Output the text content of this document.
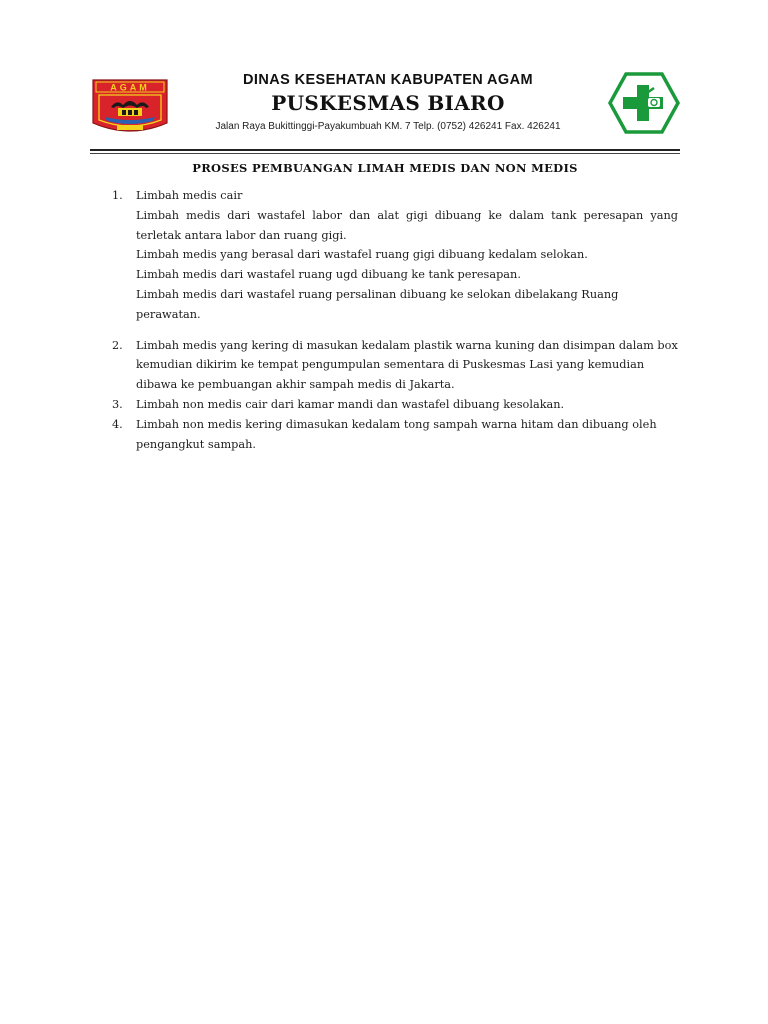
AGAM	DINAS KESEHATAN KABUPATEN AGAM
PUSKESMAS BIARO
Jalan Raya Bukittinggi-Payakumbuah KM. 7 Telp. (0752) 426241 Fax. 426241
PROSES PEMBUANGAN LIMAH MEDIS DAN NON MEDIS
1. Limbah medis cair
Limbah medis dari wastafel labor dan alat gigi dibuang ke dalam tank peresapan yang terletak antara labor dan ruang gigi.
Limbah medis yang berasal dari wastafel ruang gigi dibuang kedalam selokan.
Limbah medis dari wastafel ruang ugd dibuang ke tank peresapan.
Limbah medis dari wastafel ruang persalinan dibuang ke selokan dibelakang Ruang perawatan.
2. Limbah medis yang kering di masukan kedalam plastik warna kuning dan disimpan dalam box kemudian dikirim ke tempat pengumpulan sementara di Puskesmas Lasi yang kemudian dibawa ke pembuangan akhir sampah medis di Jakarta.
3. Limbah non medis cair dari kamar mandi dan wastafel dibuang kesolakan.
4. Limbah non medis kering dimasukan kedalam tong sampah warna hitam dan dibuang oleh pengangkut sampah.
